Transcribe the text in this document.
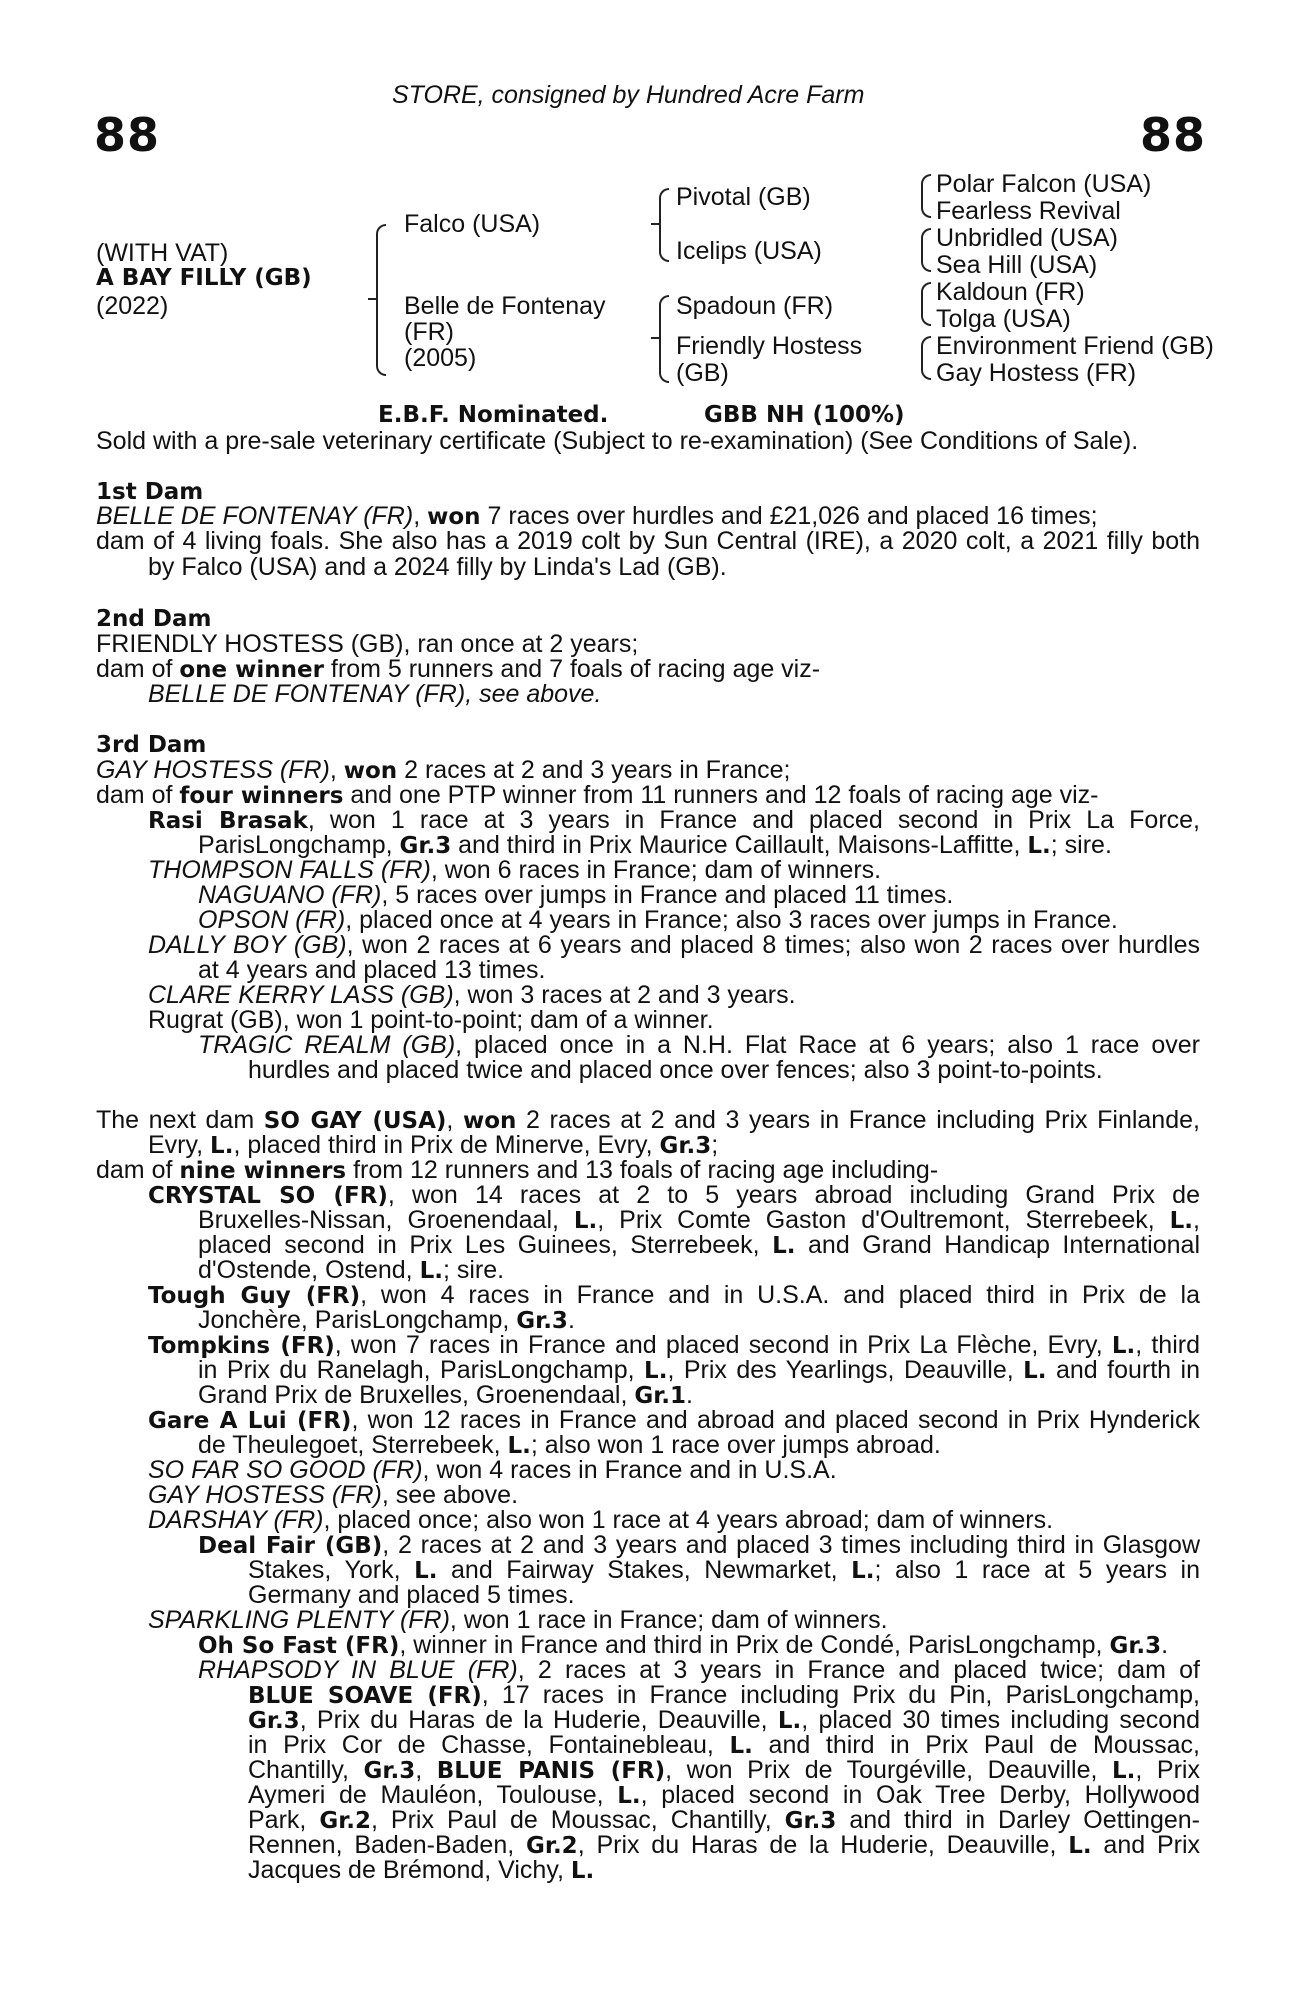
STORE, consigned by Hundred Acre Farm
88	88
(WITH VAT)
A BAY FILLY (GB)
(2022)
Falco (USA)
Belle de Fontenay
(FR)
(2005)
Pivotal (GB)
Icelips (USA)
Spadoun (FR)
Friendly Hostess
(GB)
Polar Falcon (USA)
Fearless Revival
Unbridled (USA)
Sea Hill (USA)
Kaldoun (FR)
Tolga (USA)
Environment Friend (GB)
Gay Hostess (FR)
E.B.F. Nominated.	GBB NH (100%)
Sold with a pre-sale veterinary certificate (Subject to re-examination) (See Conditions of Sale).
1st Dam
BELLE DE FONTENAY (FR), won 7 races over hurdles and £21,026 and placed 16 times;
dam of 4 living foals. She also has a 2019 colt by Sun Central (IRE), a 2020 colt, a 2021 filly both
by Falco (USA) and a 2024 filly by Linda's Lad (GB).
2nd Dam
FRIENDLY HOSTESS (GB), ran once at 2 years;
dam of one winner from 5 runners and 7 foals of racing age viz-
BELLE DE FONTENAY (FR), see above.
3rd Dam
GAY HOSTESS (FR), won 2 races at 2 and 3 years in France;
dam of four winners and one PTP winner from 11 runners and 12 foals of racing age viz-
Rasi Brasak, won 1 race at 3 years in France and placed second in Prix La Force,
ParisLongchamp, Gr.3 and third in Prix Maurice Caillault, Maisons-Laffitte, L.; sire.
THOMPSON FALLS (FR), won 6 races in France; dam of winners.
NAGUANO (FR), 5 races over jumps in France and placed 11 times.
OPSON (FR), placed once at 4 years in France; also 3 races over jumps in France.
DALLY BOY (GB), won 2 races at 6 years and placed 8 times; also won 2 races over hurdles
at 4 years and placed 13 times.
CLARE KERRY LASS (GB), won 3 races at 2 and 3 years.
Rugrat (GB), won 1 point-to-point; dam of a winner.
TRAGIC REALM (GB), placed once in a N.H. Flat Race at 6 years; also 1 race over
hurdles and placed twice and placed once over fences; also 3 point-to-points.
The next dam SO GAY (USA), won 2 races at 2 and 3 years in France including Prix Finlande,
Evry, L., placed third in Prix de Minerve, Evry, Gr.3;
dam of nine winners from 12 runners and 13 foals of racing age including-
CRYSTAL SO (FR), won 14 races at 2 to 5 years abroad including Grand Prix de
Bruxelles-Nissan, Groenendaal, L., Prix Comte Gaston d'Oultremont, Sterrebeek, L.,
placed second in Prix Les Guinees, Sterrebeek, L. and Grand Handicap International
d'Ostende, Ostend, L.; sire.
Tough Guy (FR), won 4 races in France and in U.S.A. and placed third in Prix de la
Jonchère, ParisLongchamp, Gr.3.
Tompkins (FR), won 7 races in France and placed second in Prix La Flèche, Evry, L., third
in Prix du Ranelagh, ParisLongchamp, L., Prix des Yearlings, Deauville, L. and fourth in
Grand Prix de Bruxelles, Groenendaal, Gr.1.
Gare A Lui (FR), won 12 races in France and abroad and placed second in Prix Hynderick
de Theulegoet, Sterrebeek, L.; also won 1 race over jumps abroad.
SO FAR SO GOOD (FR), won 4 races in France and in U.S.A.
GAY HOSTESS (FR), see above.
DARSHAY (FR), placed once; also won 1 race at 4 years abroad; dam of winners.
Deal Fair (GB), 2 races at 2 and 3 years and placed 3 times including third in Glasgow
Stakes, York, L. and Fairway Stakes, Newmarket, L.; also 1 race at 5 years in
Germany and placed 5 times.
SPARKLING PLENTY (FR), won 1 race in France; dam of winners.
Oh So Fast (FR), winner in France and third in Prix de Condé, ParisLongchamp, Gr.3.
RHAPSODY IN BLUE (FR), 2 races at 3 years in France and placed twice; dam of
BLUE SOAVE (FR), 17 races in France including Prix du Pin, ParisLongchamp,
Gr.3, Prix du Haras de la Huderie, Deauville, L., placed 30 times including second
in Prix Cor de Chasse, Fontainebleau, L. and third in Prix Paul de Moussac,
Chantilly, Gr.3, BLUE PANIS (FR), won Prix de Tourgéville, Deauville, L., Prix
Aymeri de Mauléon, Toulouse, L., placed second in Oak Tree Derby, Hollywood
Park, Gr.2, Prix Paul de Moussac, Chantilly, Gr.3 and third in Darley Oettingen-
Rennen, Baden-Baden, Gr.2, Prix du Haras de la Huderie, Deauville, L. and Prix
Jacques de Brémond, Vichy, L.
